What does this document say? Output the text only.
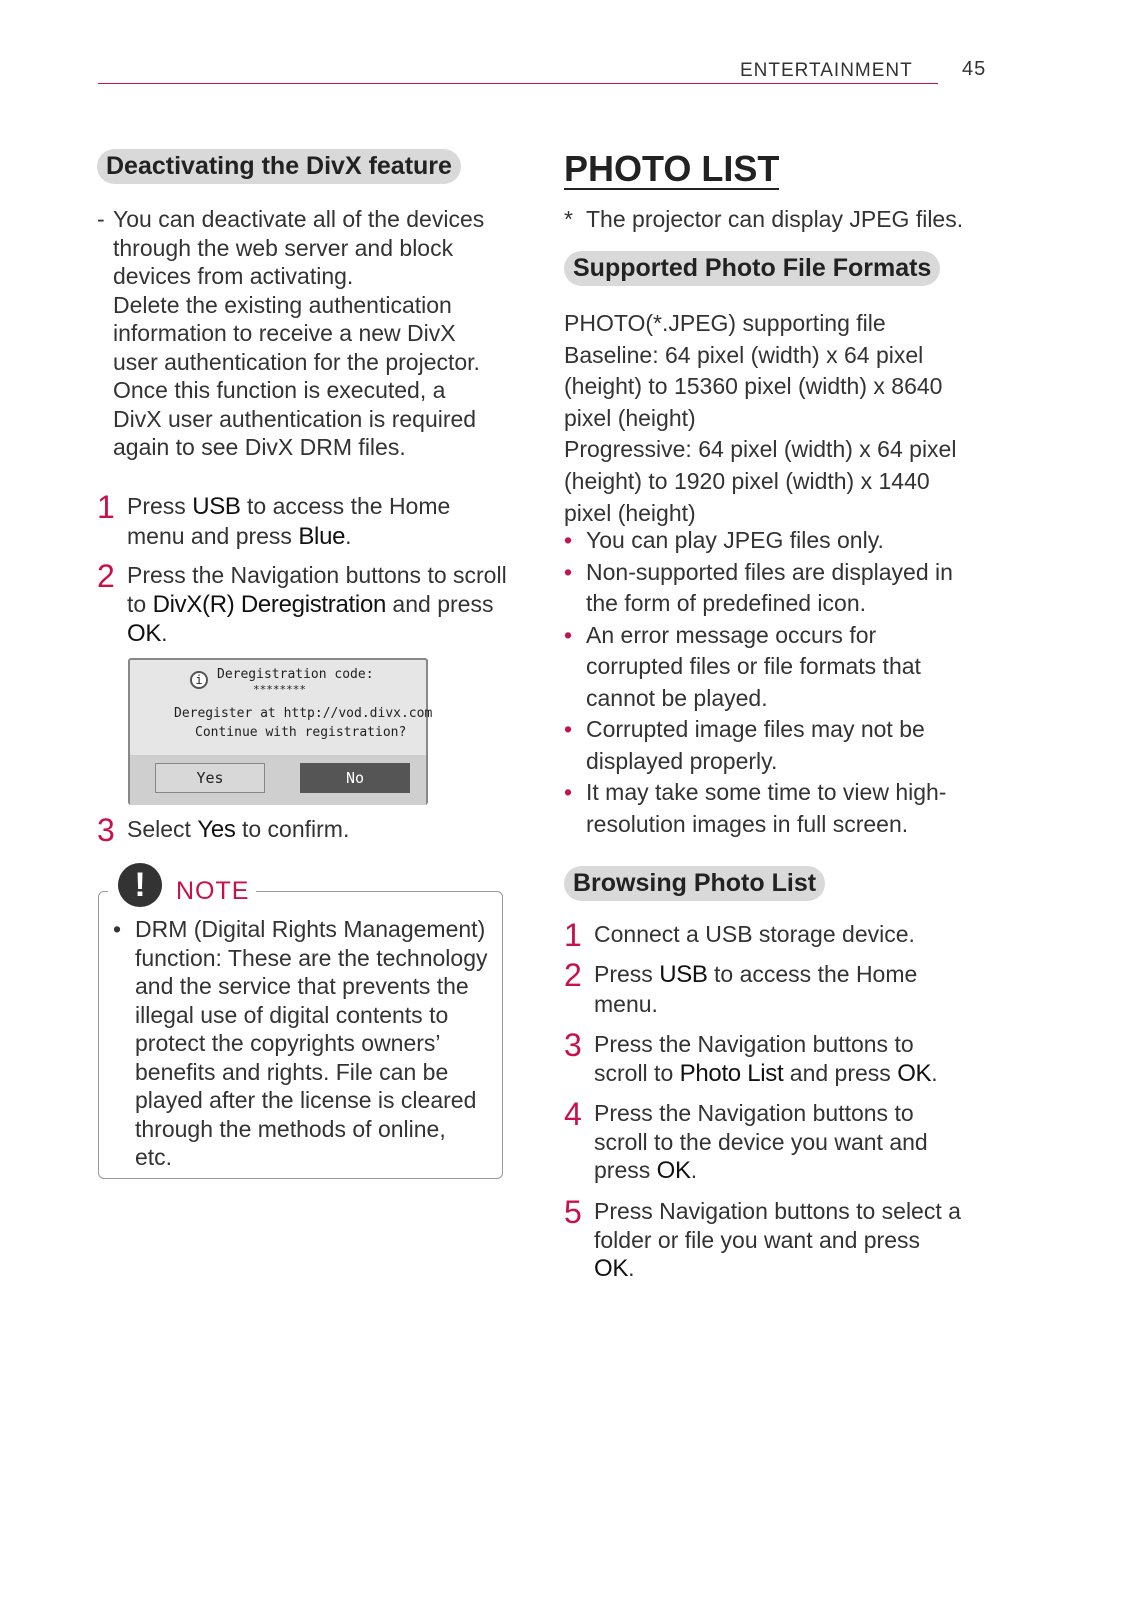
ENTERTAINMENT 45
Deactivating the DivX feature
- You can deactivate all of the devices
through the web server and block
devices from activating.
Delete the existing authentication
information to receive a new DivX
user authentication for the projector.
Once this function is executed, a
DivX user authentication is required
again to see DivX DRM files.
1 Press USB to access the Home menu and press Blue.
2 Press the Navigation buttons to scroll to DivX(R) Deregistration and press OK.
i	Deregistration code:
********
Deregister at http://vod.divx.com
Continue with registration?
Yes	No
3 Select Yes to confirm.
!	NOTE
• DRM (Digital Rights Management)
function: These are the technology
and the service that prevents the
illegal use of digital contents to
protect the copyrights owners’
benefits and rights. File can be
played after the license is cleared
through the methods of online,
etc.
PHOTO LIST
* The projector can display JPEG files.
Supported Photo File Formats
PHOTO(*.JPEG) supporting file
Baseline: 64 pixel (width) x 64 pixel
(height) to 15360 pixel (width) x 8640
pixel (height)
Progressive: 64 pixel (width) x 64 pixel
(height) to 1920 pixel (width) x 1440
pixel (height)
• You can play JPEG files only.
• Non-supported files are displayed in
the form of predefined icon.
• An error message occurs for
corrupted files or file formats that
cannot be played.
• Corrupted image files may not be
displayed properly.
• It may take some time to view high-
resolution images in full screen.
Browsing Photo List
1 Connect a USB storage device.
2 Press USB to access the Home menu.
3 Press the Navigation buttons to scroll to Photo List and press OK.
4 Press the Navigation buttons to scroll to the device you want and press OK.
5 Press Navigation buttons to select a folder or file you want and press OK.
